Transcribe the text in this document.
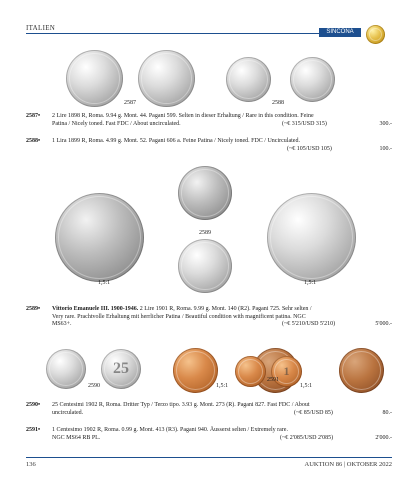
ITALIEN	SINCONA
2587	2588
2587• 2 Lire 1898 R, Roma. 9.94 g. Mont. 44. Pagani 599. Selten in dieser Erhaltung / Rare in this condition. Feine
Patina / Nicely toned. Fast FDC / About uncirculated.	(~€ 315/USD 315)	300.-
2588• 1 Lira 1899 R, Roma. 4.99 g. Mont. 52. Pagani 606 a. Feine Patina / Nicely toned. FDC / Uncirculated.
(~€ 105/USD 105)	100.-
2589
1,5:1	1,5:1
2589• Vittorio Emanuele III. 1900-1946. 2 Lire 1901 R, Roma. 9.99 g. Mont. 140 (R2). Pagani 725. Sehr selten /
Very rare. Prachtvolle Erhaltung mit herrlicher Patina / Beautiful condition with magnificent patina. NGC
MS63+.	(~€ 5'210/USD 5'210)	5'000.-
25
2590	1,5:1
1
2591
1,5:1
2590• 25 Centesimi 1902 R, Roma. Dritter Typ / Terzo tipo. 3.93 g. Mont. 273 (R). Pagani 827. Fast FDC / About
uncirculated.	(~€ 85/USD 85)	80.-
2591• 1 Centesimo 1902 R, Roma. 0.99 g. Mont. 413 (R3). Pagani 940. Äusserst selten / Extremely rare.
NGC MS64 RB PL.	(~€ 2'085/USD 2'085)	2'000.-
136	AUKTION 86 | OKTOBER 2022
